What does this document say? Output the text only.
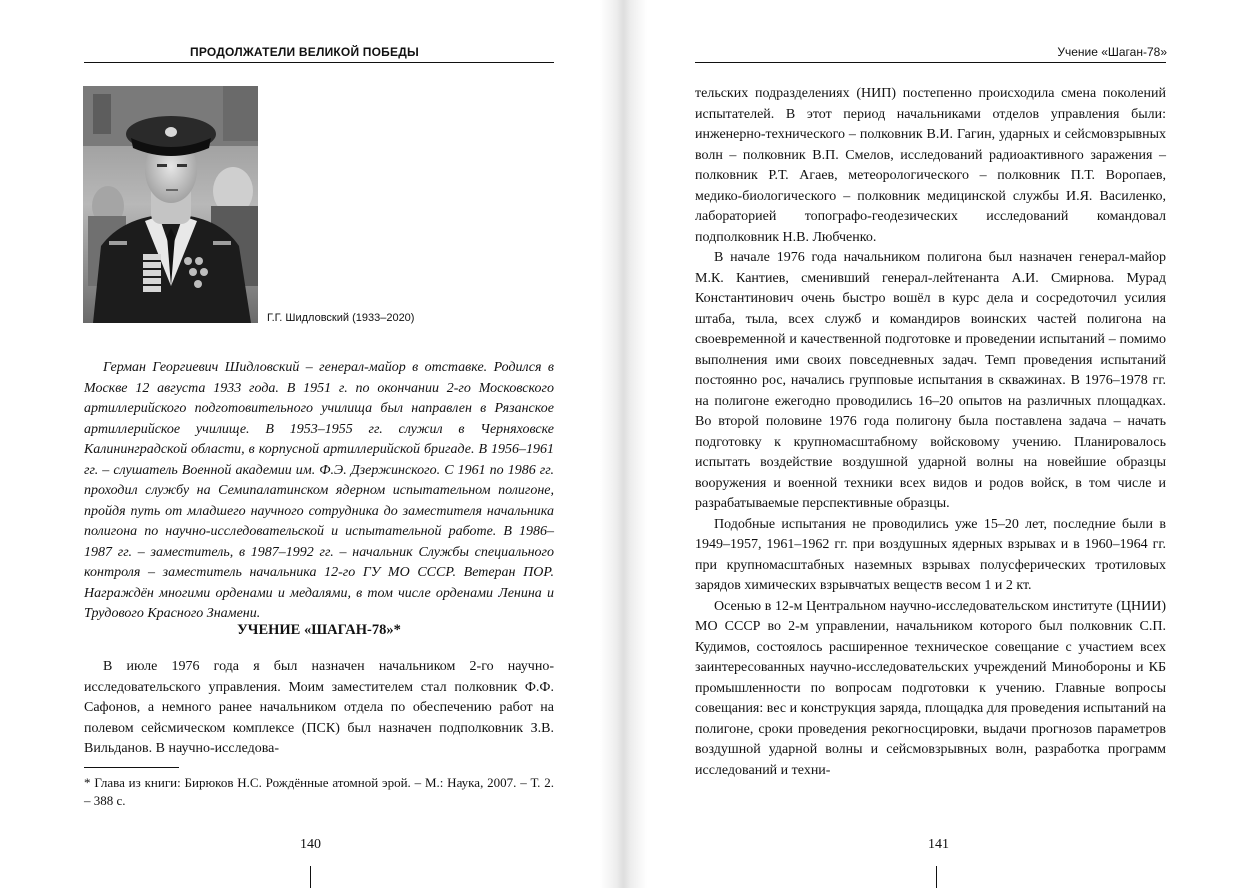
ПРОДОЛЖАТЕЛИ ВЕЛИКОЙ ПОБЕДЫ
Г.Г. Шидловский (1933–2020)
Герман Георгиевич Шидловский – генерал-майор в отставке. Родился в Москве 12 августа 1933 года. В 1951 г. по окончании 2-го Московского артиллерийского подготовительного училища был направлен в Рязанское артиллерийское училище. В 1953–1955 гг. служил в Черняховске Калининградской области, в корпусной артиллерийской бригаде. В 1956–1961 гг. – слушатель Военной академии им. Ф.Э. Дзержинского. С 1961 по 1986 гг. проходил службу на Семипалатинском ядерном испытательном полигоне, пройдя путь от младшего научного сотрудника до заместителя начальника полигона по научно-исследовательской и испытательной работе. В 1986–1987 гг. – заместитель, в 1987–1992 гг. – начальник Службы специального контроля – заместитель начальника 12-го ГУ МО СССР. Ветеран ПОР. Награждён многими орденами и медалями, в том числе орденами Ленина и Трудового Красного Знамени.
УЧЕНИЕ «ШАГАН-78»*
В июле 1976 года я был назначен начальником 2-го научно-исследовательского управления. Моим заместителем стал полковник Ф.Ф. Сафонов, а немного ранее начальником отдела по обеспечению работ на полевом сейсмическом комплексе (ПСК) был назначен подполковник З.В. Вильданов. В научно-исследова-
* Глава из книги: Бирюков Н.С. Рождённые атомной эрой. – М.: Наука, 2007. – Т. 2. – 388 с.
140
Учение «Шаган-78»

тельских подразделениях (НИП) постепенно происходила смена поколений испытателей. В этот период начальниками отделов управления были: инженерно-технического – полковник В.И. Гагин, ударных и сейсмовзрывных волн – полковник В.П. Смелов, исследований радиоактивного заражения – полковник Р.Т. Агаев, метеорологического – полковник П.Т. Воропаев, медико-биологического – полковник медицинской службы И.Я. Василенко, лабораторией топографо-геодезических исследований командовал подполковник Н.В. Любченко.

В начале 1976 года начальником полигона был назначен генерал-майор М.К. Кантиев, сменивший генерал-лейтенанта А.И. Смирнова. Мурад Константинович очень быстро вошёл в курс дела и сосредоточил усилия штаба, тыла, всех служб и командиров воинских частей полигона на своевременной и качественной подготовке и проведении испытаний – помимо выполнения ими своих повседневных задач. Темп проведения испытаний постоянно рос, начались групповые испытания в скважинах. В 1976–1978 гг. на полигоне ежегодно проводились 16–20 опытов на различных площадках. Во второй половине 1976 года полигону была поставлена задача – начать подготовку к крупномасштабному войсковому учению. Планировалось испытать воздействие воздушной ударной волны на новейшие образцы вооружения и военной техники всех видов и родов войск, в том числе и разрабатываемые перспективные образцы.

Подобные испытания не проводились уже 15–20 лет, последние были в 1949–1957, 1961–1962 гг. при воздушных ядерных взрывах и в 1960–1964 гг. при крупномасштабных наземных взрывах полусферических тротиловых зарядов химических взрывчатых веществ весом 1 и 2 кт.

Осенью в 12-м Центральном научно-исследовательском институте (ЦНИИ) МО СССР во 2-м управлении, начальником которого был полковник С.П. Кудимов, состоялось расширенное техническое совещание с участием всех заинтересованных научно-исследовательских учреждений Минобороны и КБ промышленности по вопросам подготовки к учению. Главные вопросы совещания: вес и конструкция заряда, площадка для проведения испытаний на полигоне, сроки проведения рекогносцировки, выдачи прогнозов параметров воздушной ударной волны и сейсмовзрывных волн, разработка программ исследований и техни-

141
